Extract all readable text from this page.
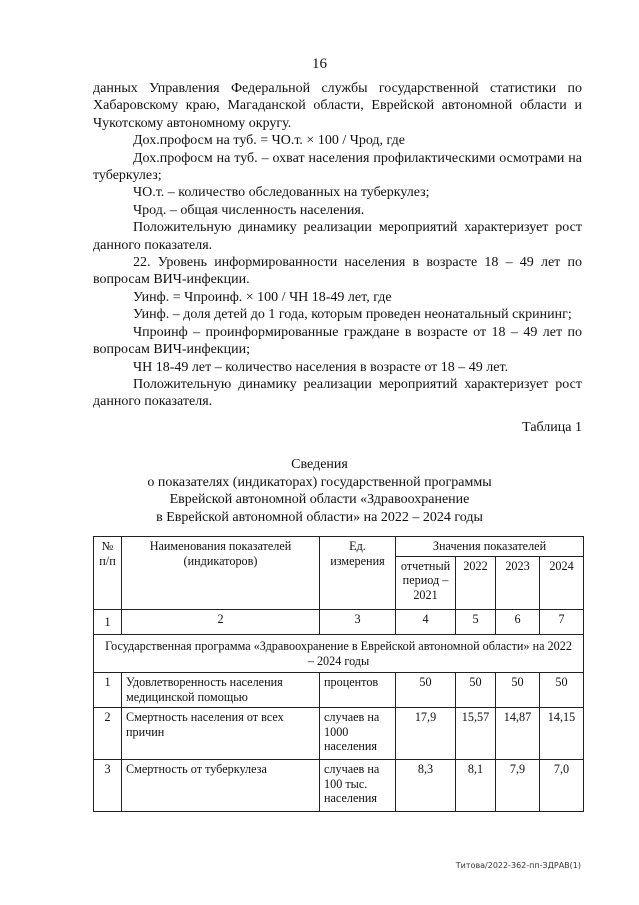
16

данных Управления Федеральной службы государственной статистики по Хабаровскому краю, Магаданской области, Еврейской автономной области и Чукотскому автономному округу.

Дох.профосм на туб. = ЧО.т. × 100 / Чрод, где

Дох.профосм на туб. – охват населения профилактическими осмотрами на туберкулез;

ЧО.т. – количество обследованных на туберкулез;

Чрод. – общая численность населения.

Положительную динамику реализации мероприятий характеризует рост данного показателя.

22. Уровень информированности населения в возрасте 18 – 49 лет по вопросам ВИЧ-инфекции.

Уинф. = Чпроинф. × 100 / ЧН 18-49 лет, где

Уинф. – доля детей до 1 года, которым проведен неонатальный скрининг;

Чпроинф – проинформированные граждане в возрасте от 18 – 49 лет по вопросам ВИЧ-инфекции;

ЧН 18-49 лет – количество населения в возрасте от 18 – 49 лет.

Положительную динамику реализации мероприятий характеризует рост данного показателя.

Таблица 1
Сведения
о показателях (индикаторах) государственной программы
Еврейской автономной области «Здравоохранение
в Еврейской автономной области» на 2022 – 2024 годы
№ п/п	Наименования показателей (индикаторов)	Ед. измерения	Значения показателей			
			отчетный период – 2021	2022	2023	2024
1	2	3	4	5	6	7
Государственная программа «Здравоохранение в Еврейской автономной области» на 2022 – 2024 годы						
1	Удовлетворенность населения медицинской помощью	процентов	50	50	50	50
2	Смертность населения от всех причин	случаев на 1000 населения	17,9	15,57	14,87	14,15
3	Смертность от туберкулеза	случаев на 100 тыс. населения	8,3	8,1	7,9	7,0
Титова/2022-362-пп-ЗДРАВ(1)
